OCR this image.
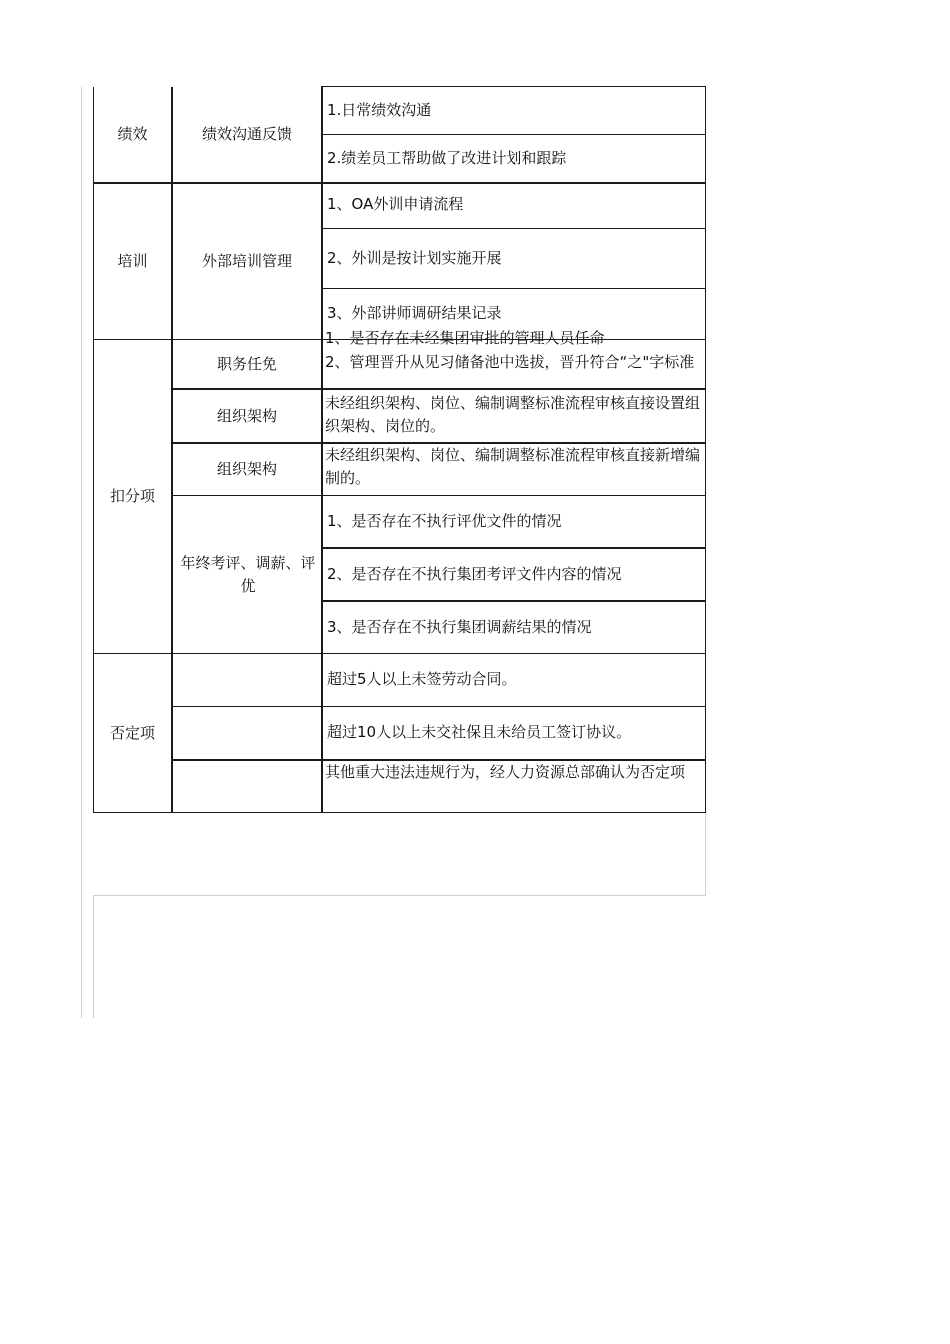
绩效	绩效沟通反馈
1.日常绩效沟通
2.绩差员工帮助做了改进计划和跟踪
培训	外部培训管理
1、OA外训申请流程
2、外训是按计划实施开展
3、外部讲师调研结果记录
扣分项
职务任免
1、是否存在未经集团审批的管理人员任命
2、管理晋升从见习储备池中选拔，晋升符合“之"字标准
组织架构
未经组织架构、岗位、编制调整标准流程审核直接设置组织架构、岗位的。
组织架构
未经组织架构、岗位、编制调整标准流程审核直接新增编制的。
年终考评、调薪、评优
1、是否存在不执行评优文件的情况
2、是否存在不执行集团考评文件内容的情况
3、是否存在不执行集团调薪结果的情况
否定项
超过5人以上未签劳动合同。
超过10人以上未交社保且未给员工签订协议。
其他重大违法违规行为，经人力资源总部确认为否定项
